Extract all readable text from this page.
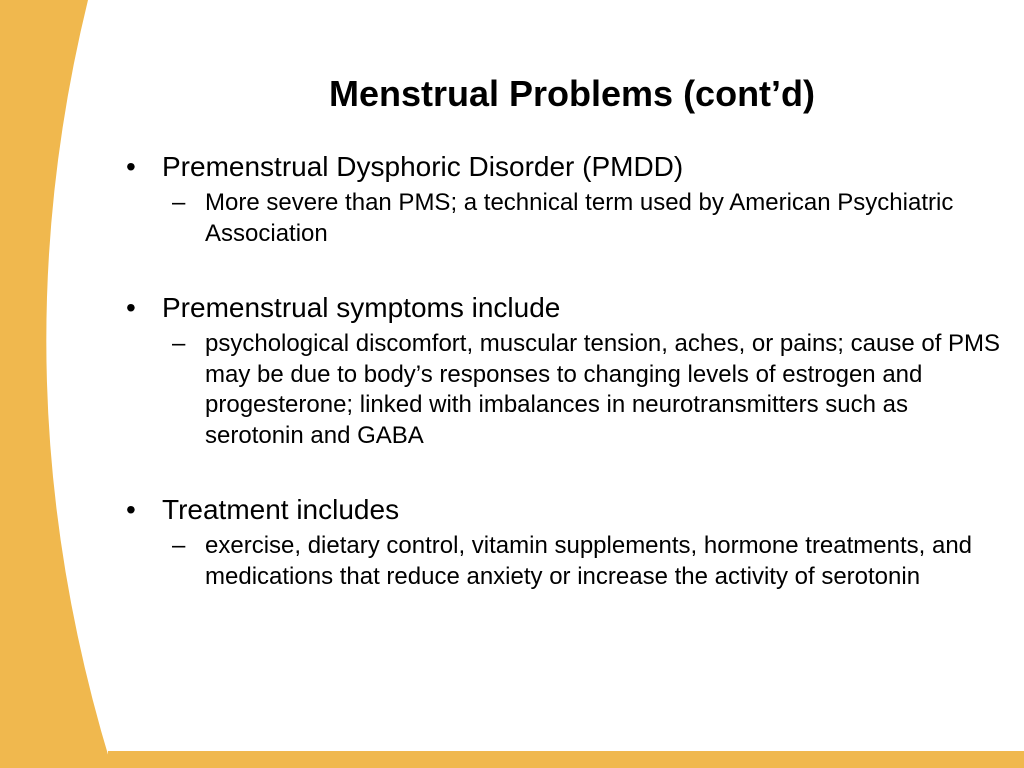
Menstrual Problems (cont’d)
• Premenstrual Dysphoric Disorder (PMDD)
– More severe than PMS; a technical term used by American Psychiatric Association
• Premenstrual symptoms include
– psychological discomfort, muscular tension, aches, or pains; cause of PMS may be due to body’s responses to changing levels of estrogen and progesterone; linked with imbalances in neurotransmitters such as serotonin and GABA
• Treatment includes
– exercise, dietary control, vitamin supplements, hormone treatments, and medications that reduce anxiety or increase the activity of serotonin
